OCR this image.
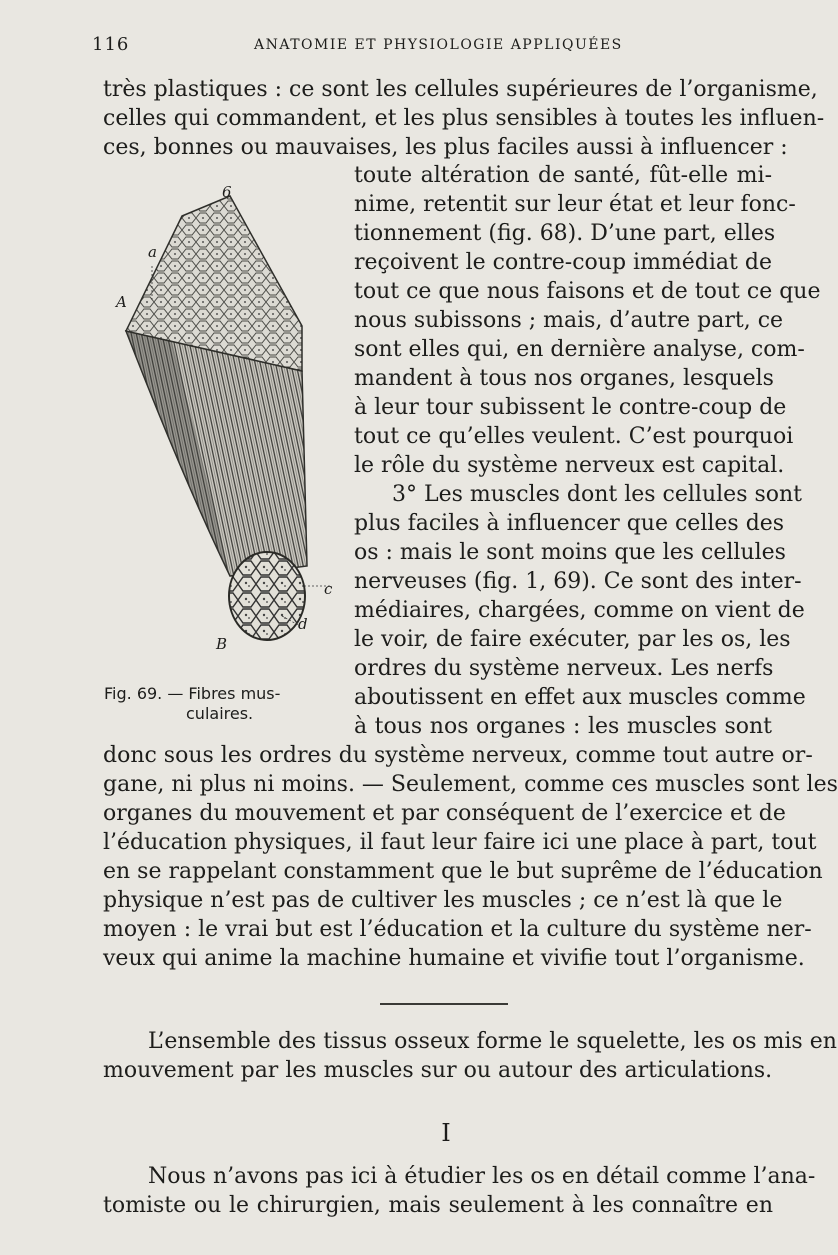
116	ANATOMIE ET PHYSIOLOGIE APPLIQUÉES
très plastiques : ce sont les cellules supérieures de l’organisme,
celles qui commandent, et les plus sensibles à toutes les influen-
ces, bonnes ou mauvaises, les plus faciles aussi à influencer :
6
a
A
c
d
B
Fig. 69. — Fibres mus-
culaires.
toute altération de santé, fût-elle mi-
nime, retentit sur leur état et leur fonc-
tionnement (fig. 68). D’une part, elles
reçoivent le contre-coup immédiat de
tout ce que nous faisons et de tout ce que
nous subissons ; mais, d’autre part, ce
sont elles qui, en dernière analyse, com-
mandent à tous nos organes, lesquels
à leur tour subissent le contre-coup de
tout ce qu’elles veulent. C’est pourquoi
le rôle du système nerveux est capital.
3° Les muscles dont les cellules sont
plus faciles à influencer que celles des
os : mais le sont moins que les cellules
nerveuses (fig. 1, 69). Ce sont des inter-
médiaires, chargées, comme on vient de
le voir, de faire exécuter, par les os, les
ordres du système nerveux. Les nerfs
aboutissent en effet aux muscles comme
à tous nos organes : les muscles sont
donc sous les ordres du système nerveux, comme tout autre or-
gane, ni plus ni moins. — Seulement, comme ces muscles sont les
organes du mouvement et par conséquent de l’exercice et de
l’éducation physiques, il faut leur faire ici une place à part, tout
en se rappelant constamment que le but suprême de l’éducation
physique n’est pas de cultiver les muscles ; ce n’est là que le
moyen : le vrai but est l’éducation et la culture du système ner-
veux qui anime la machine humaine et vivifie tout l’organisme.
L’ensemble des tissus osseux forme le squelette, les os mis en
mouvement par les muscles sur ou autour des articulations.
I
Nous n’avons pas ici à étudier les os en détail comme l’ana-
tomiste ou le chirurgien, mais seulement à les connaître en
